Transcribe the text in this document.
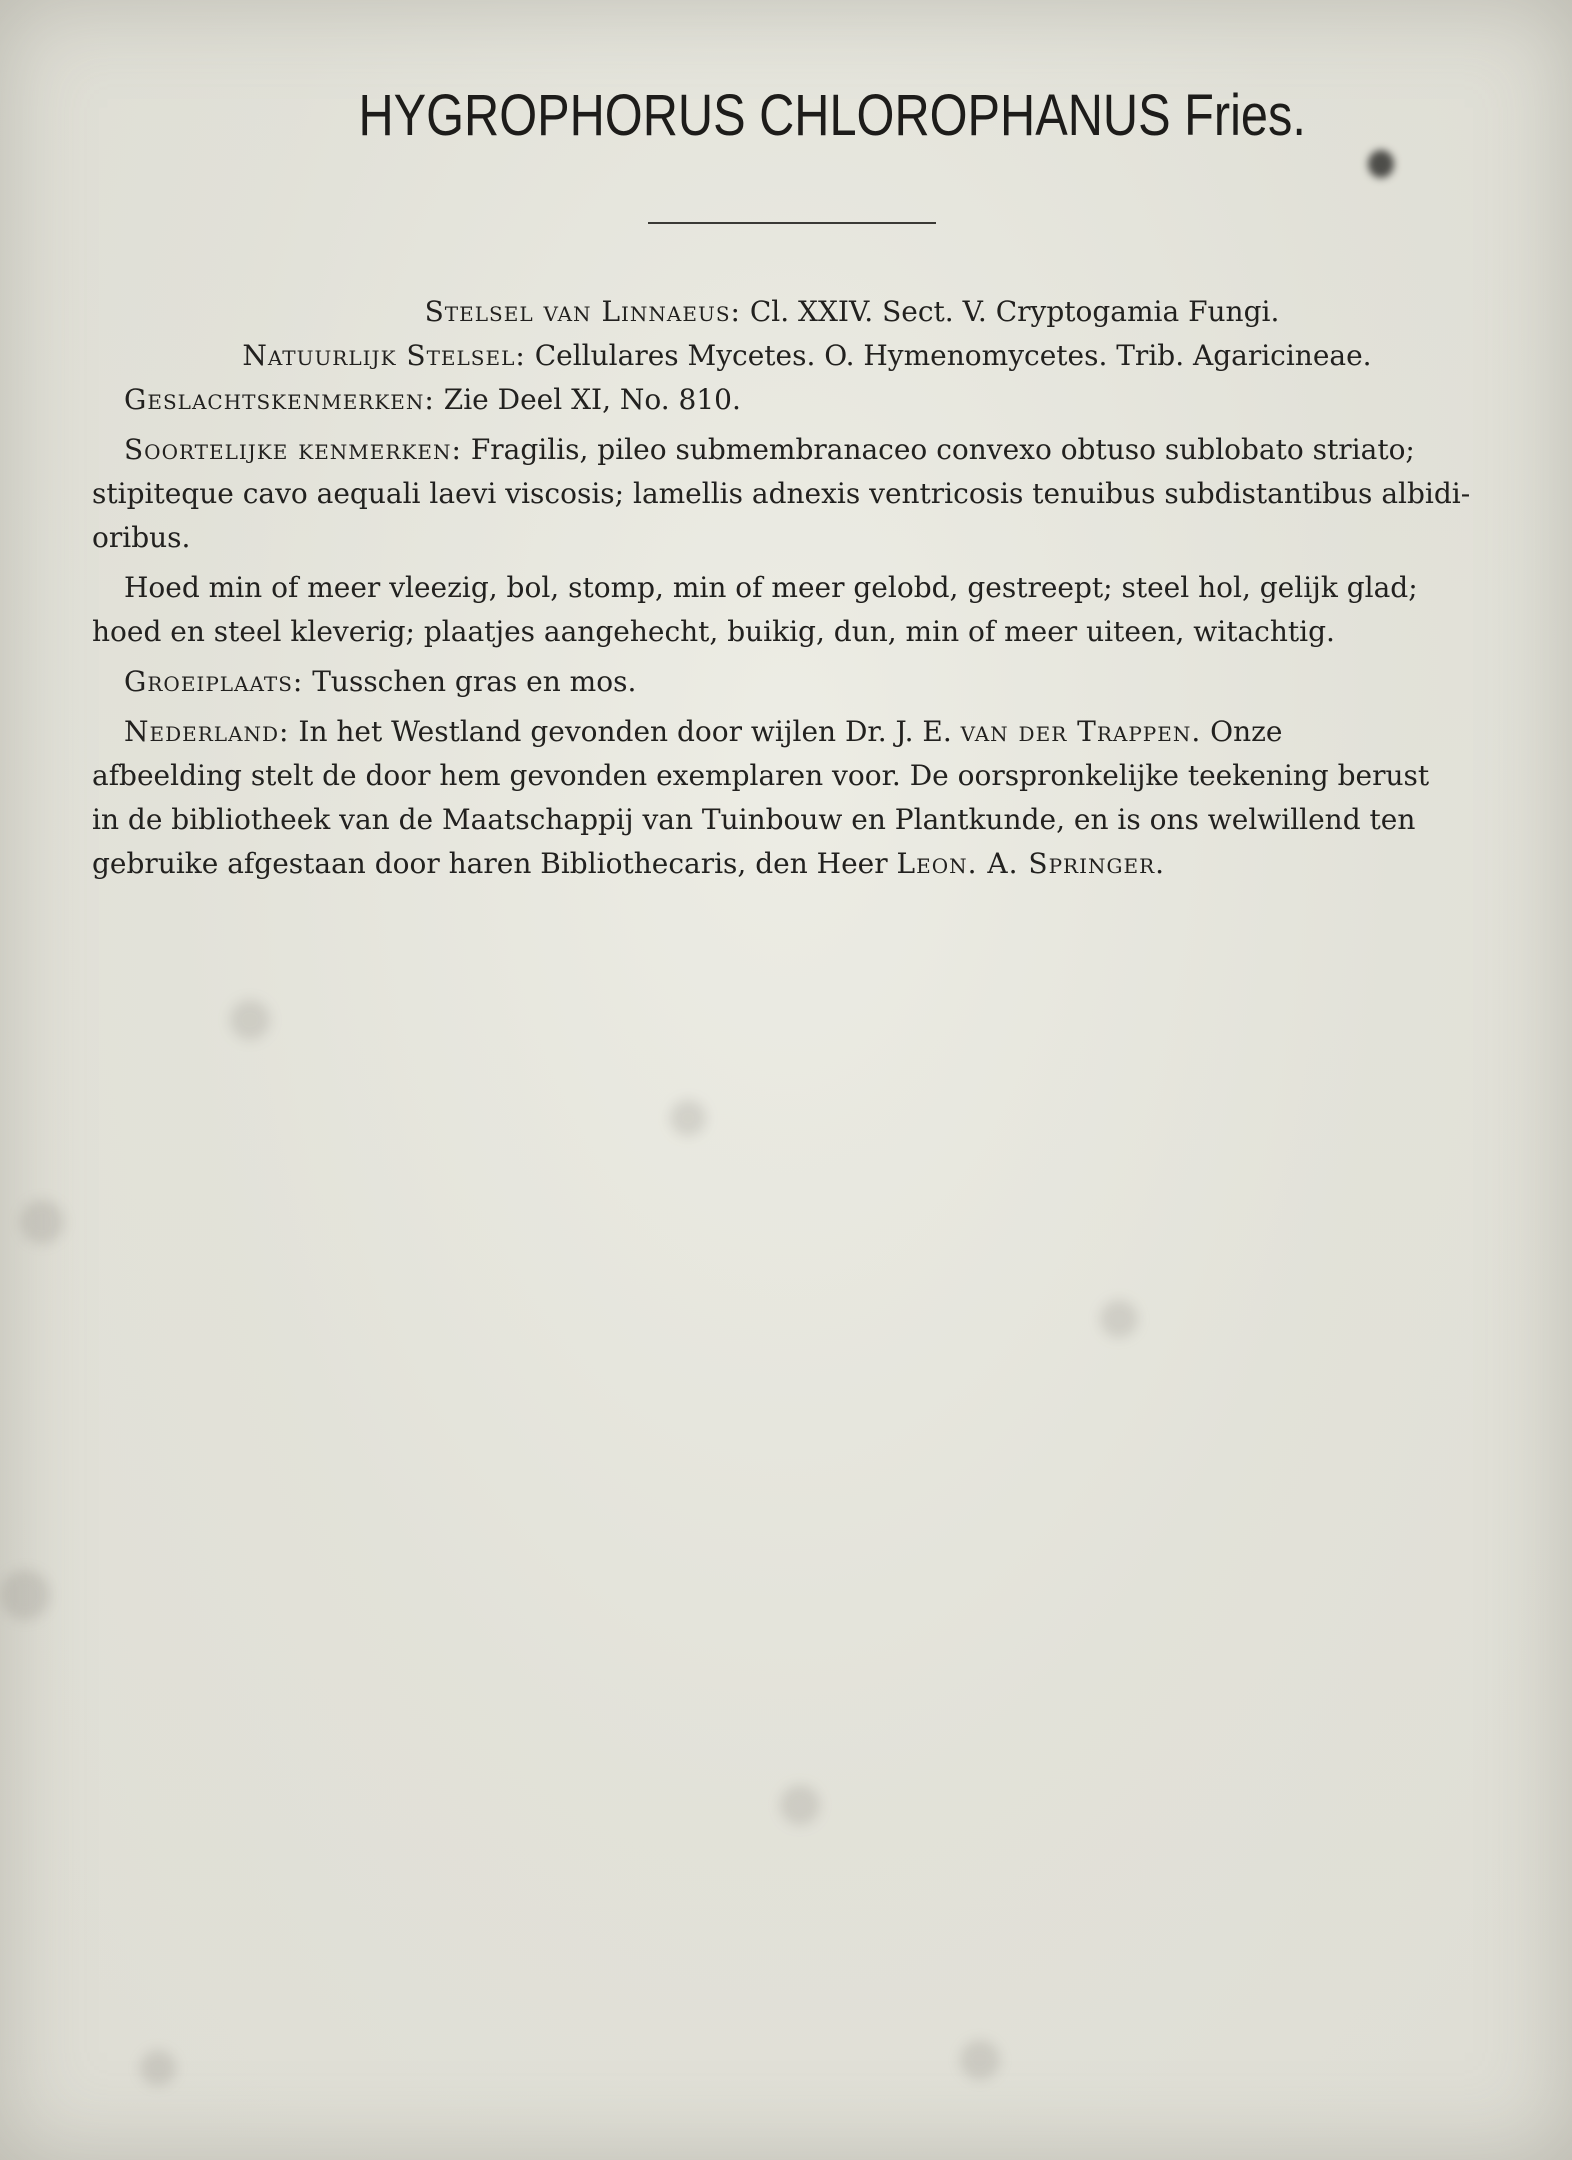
HYGROPHORUS CHLOROPHANUS Fries.
Stelsel van Linnaeus: Cl. XXIV. Sect. V. Cryptogamia Fungi.
Natuurlijk Stelsel: Cellulares Mycetes. O. Hymenomycetes. Trib. Agaricineae.
Geslachtskenmerken: Zie Deel XI, No. 810.
Soortelijke kenmerken: Fragilis, pileo submembranaceo convexo obtuso sublobato striato;
stipiteque cavo aequali laevi viscosis; lamellis adnexis ventricosis tenuibus subdistantibus albidi-
oribus.
Hoed min of meer vleezig, bol, stomp, min of meer gelobd, gestreept; steel hol, gelijk glad;
hoed en steel kleverig; plaatjes aangehecht, buikig, dun, min of meer uiteen, witachtig.
Groeiplaats: Tusschen gras en mos.
Nederland: In het Westland gevonden door wijlen Dr. J. E. van der Trappen. Onze
afbeelding stelt de door hem gevonden exemplaren voor. De oorspronkelijke teekening berust
in de bibliotheek van de Maatschappij van Tuinbouw en Plantkunde, en is ons welwillend ten
gebruike afgestaan door haren Bibliothecaris, den Heer Leon. A. Springer.
